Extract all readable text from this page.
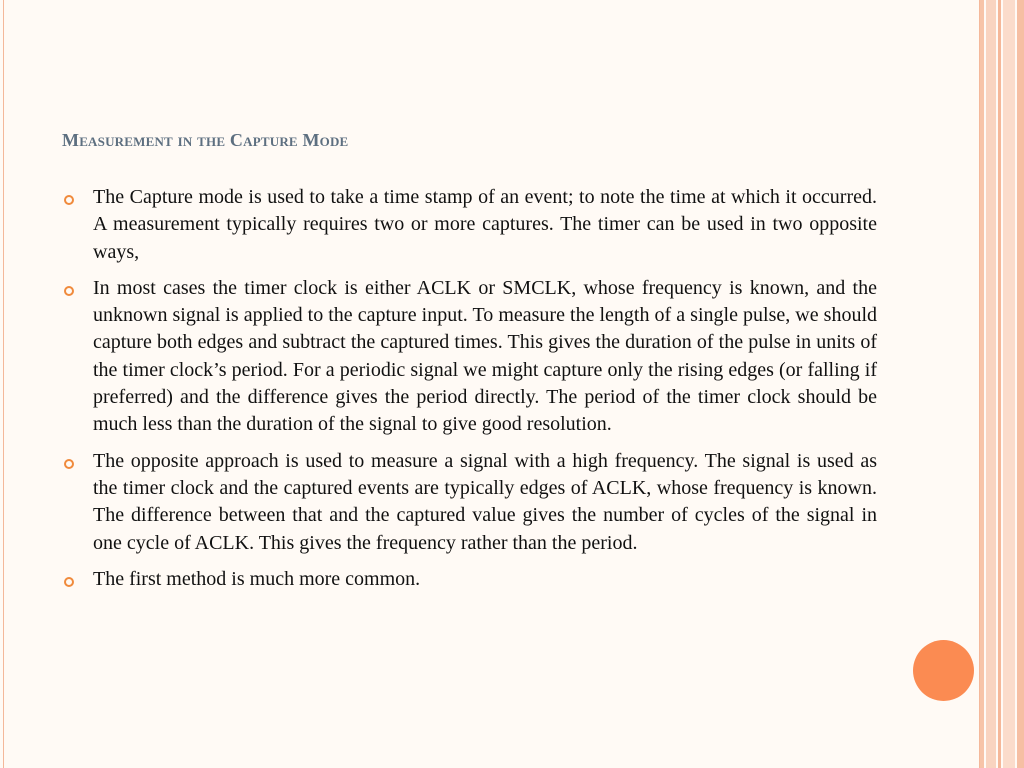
Measurement in the Capture Mode
The Capture mode is used to take a time stamp of an event; to note the time at which it occurred. A measurement typically requires two or more captures. The timer can be used in two opposite ways,
In most cases the timer clock is either ACLK or SMCLK, whose frequency is known, and the unknown signal is applied to the capture input. To measure the length of a single pulse, we should capture both edges and subtract the captured times. This gives the duration of the pulse in units of the timer clock’s period. For a periodic signal we might capture only the rising edges (or falling if preferred) and the difference gives the period directly. The period of the timer clock should be much less than the duration of the signal to give good resolution.
The opposite approach is used to measure a signal with a high frequency. The signal is used as the timer clock and the captured events are typically edges of ACLK, whose frequency is known. The difference between that and the captured value gives the number of cycles of the signal in one cycle of ACLK. This gives the frequency rather than the period.
The first method is much more common.
